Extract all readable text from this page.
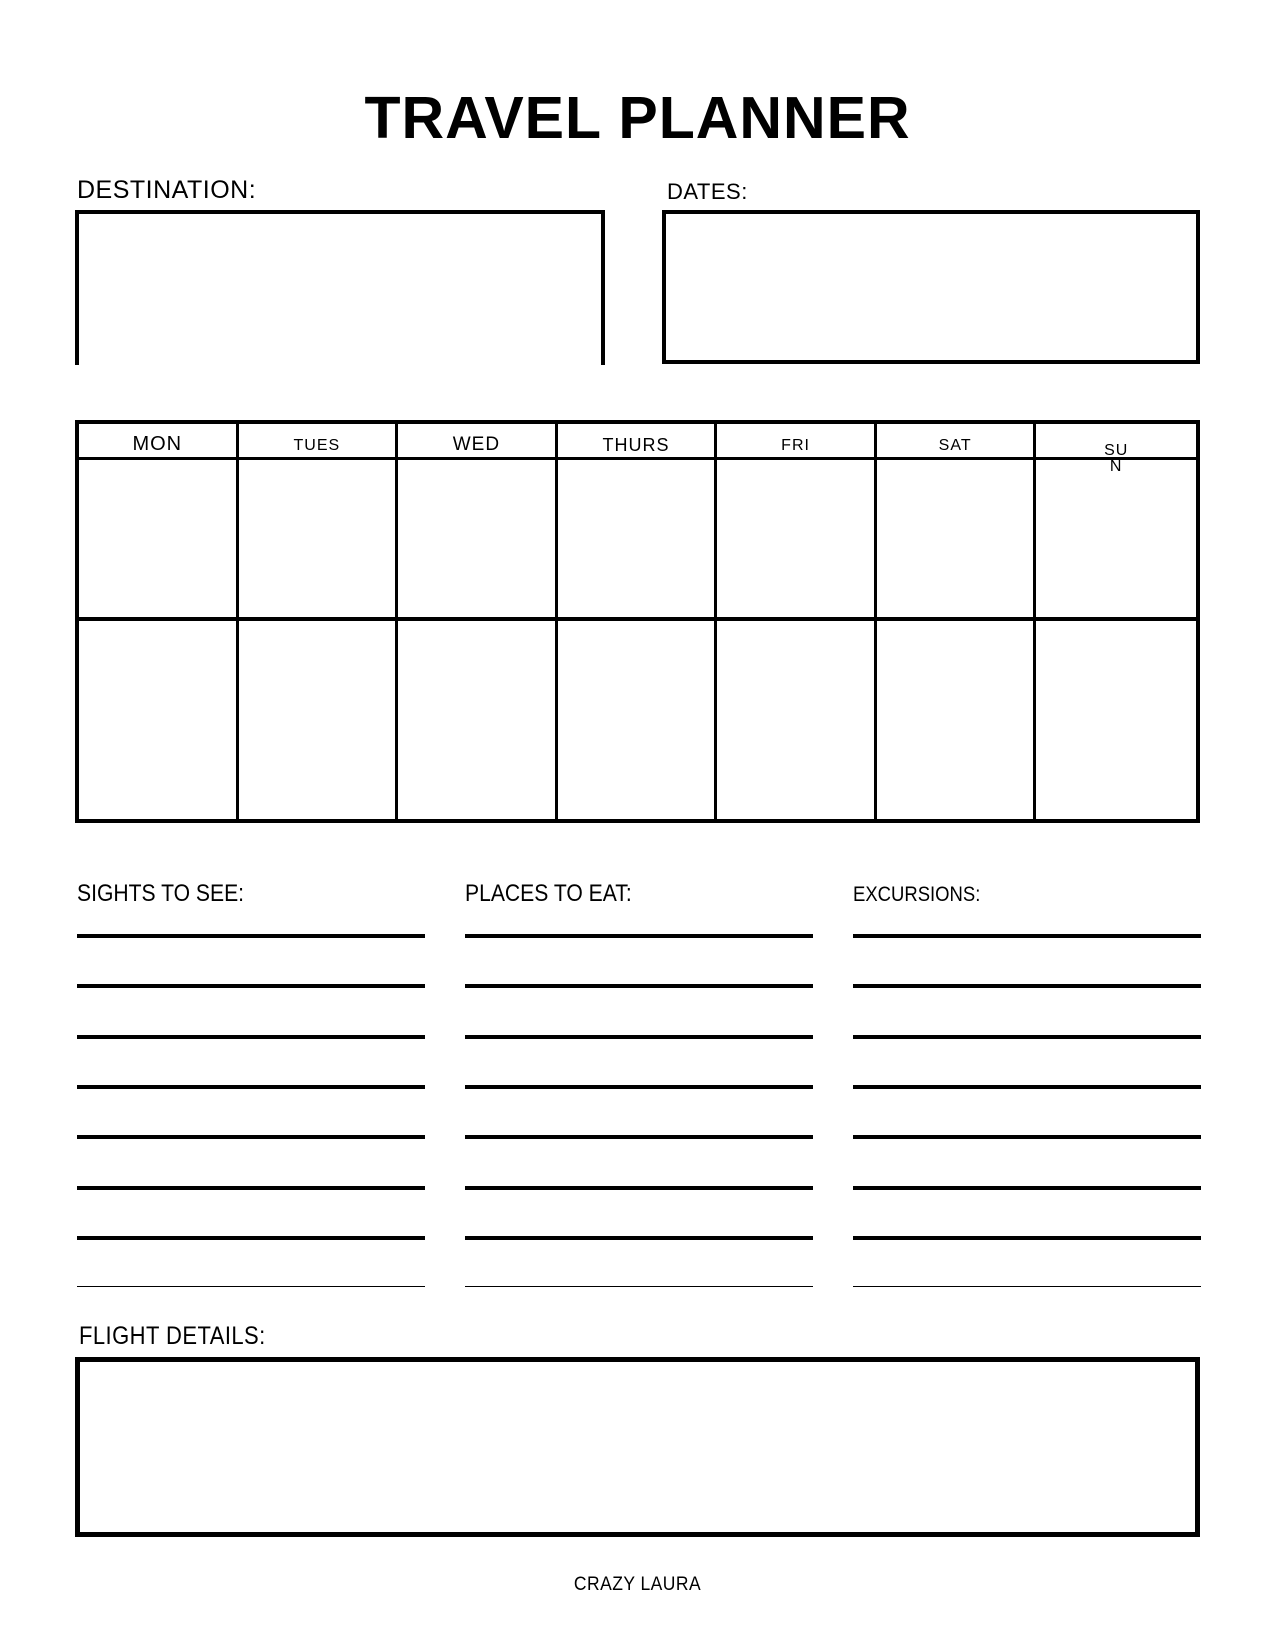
TRAVEL PLANNER
DESTINATION:	DATES:
MON	TUES	WED	THURS	FRI	SAT	SUN
SIGHTS TO SEE:	PLACES TO EAT:	EXCURSIONS:
FLIGHT DETAILS:
CRAZY LAURA
